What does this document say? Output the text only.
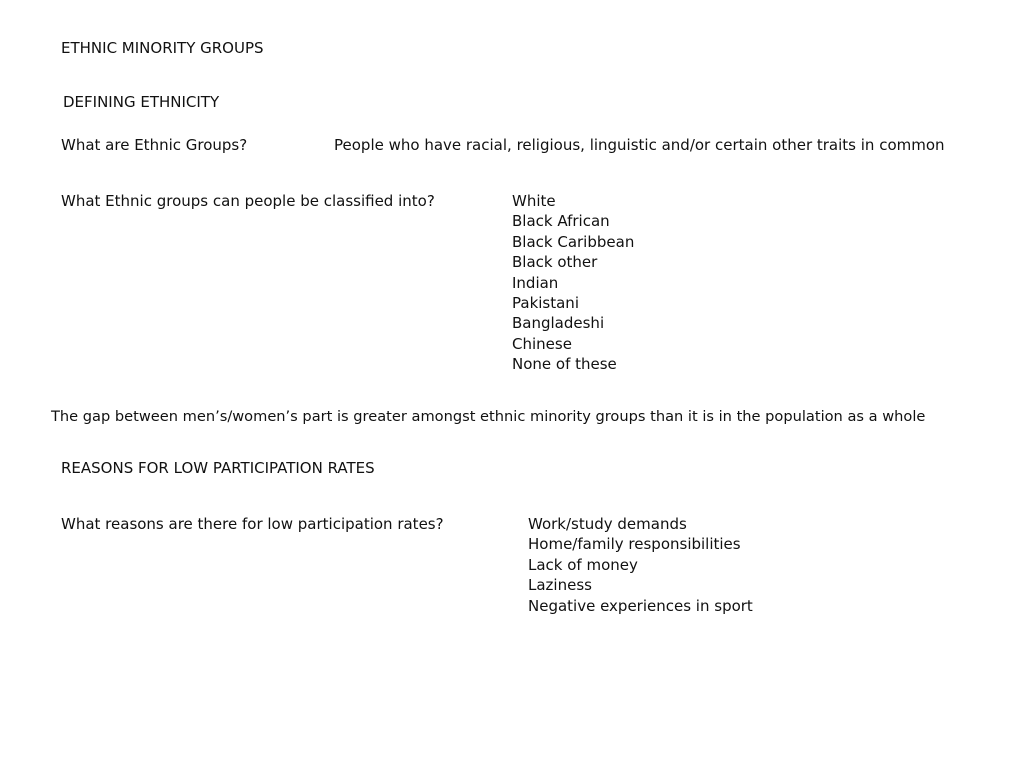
ETHNIC MINORITY GROUPS
DEFINING ETHNICITY
What are Ethnic Groups?	People who have racial, religious, linguistic and/or certain other traits in common
What Ethnic groups can people be classified into?	White
Black African
Black Caribbean
Black other
Indian
Pakistani
Bangladeshi
Chinese
None of these
The gap between men’s/women’s part is greater amongst ethnic minority groups than it is in the population as a whole
REASONS FOR LOW PARTICIPATION RATES
What reasons are there for low participation rates?	Work/study demands
Home/family responsibilities
Lack of money
Laziness
Negative experiences in sport
